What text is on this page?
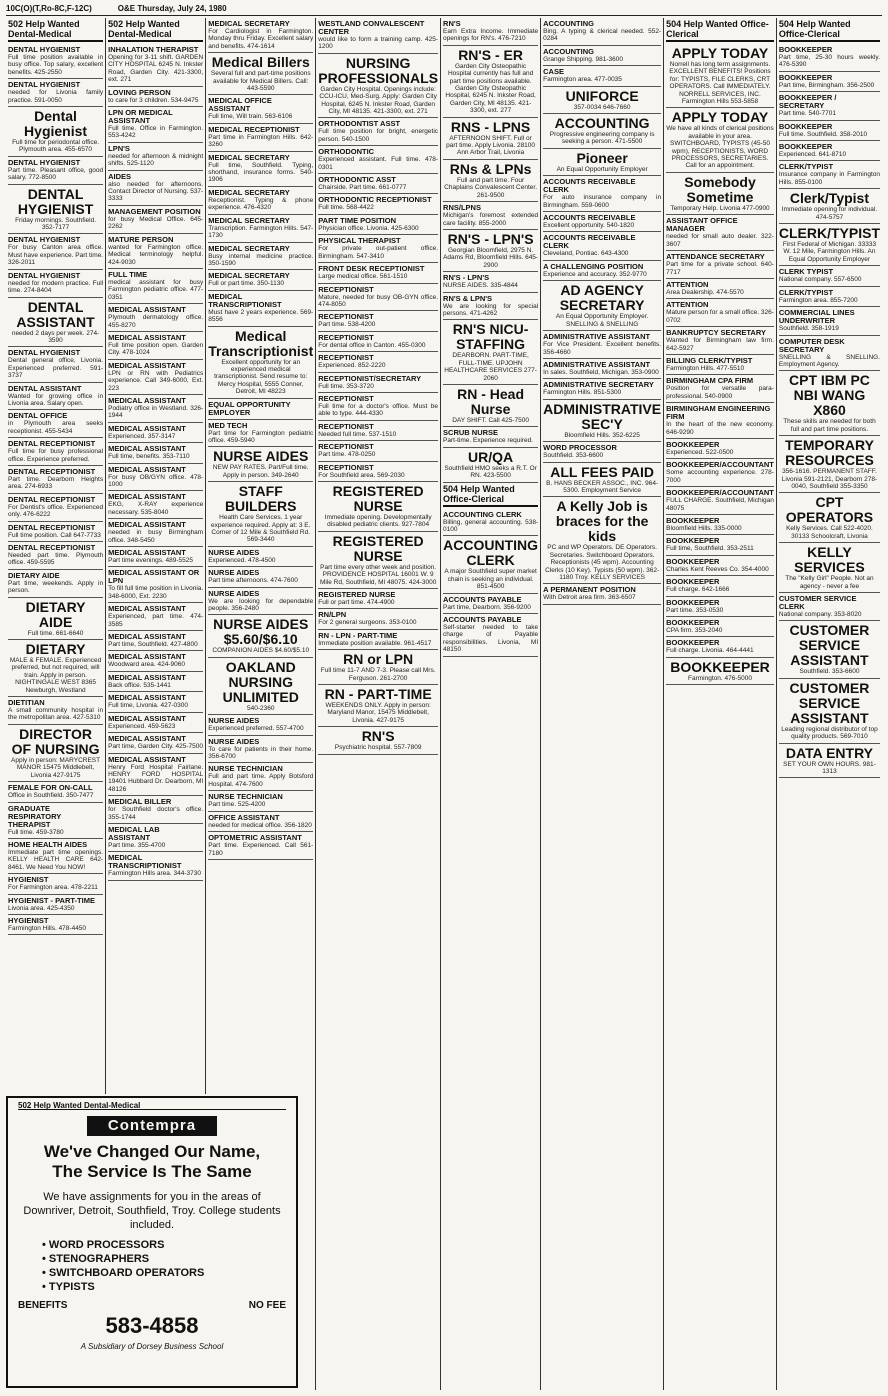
10C(O)(T,Ro-8C,F-12C)	O&E Thursday, July 24, 1980
502 Help Wanted Dental-Medical
DENTAL HYGIENIST
Full time position available in busy office. Top salary, excellent benefits. 425-2550
DENTAL HYGIENIST
needed for Livonia family practice. 591-0050
Dental Hygienist
Full time for periodontal office. Plymouth area. 455-6570
DENTAL HYGIENIST
Part time. Pleasant office, good salary. 772-8500
DENTAL HYGIENIST
Friday mornings. Southfield. 352-7177
DENTAL HYGIENIST
For busy Canton area office. Must have experience. Part time. 326-2011
DENTAL HYGIENIST
needed for modern practice. Full time. 274-8404
DENTAL ASSISTANT
needed 2 days per week. 274-3590
DENTAL HYGIENIST
Dental general office, Livonia. Experienced preferred. 591-3737
DENTAL ASSISTANT
Wanted for growing office in Livonia area. Salary open.
DENTAL OFFICE
in Plymouth area seeks receptionist. 455-5434
DENTAL RECEPTIONIST
Full time for busy professional office. Experience preferred.
DENTAL RECEPTIONIST
Part time. Dearborn Heights area. 274-6933
DENTAL RECEPTIONIST
For Dentist's office. Experienced only. 476-6222
DENTAL RECEPTIONIST
Full time position. Call 647-7733
DENTAL RECEPTIONIST
Needed part time. Plymouth office. 459-5595
DIETARY AIDE
Part time, weekends. Apply in person.
DIETARY AIDE
Full time. 661-6640
DIETARY
MALE & FEMALE. Experienced preferred, but not required, will train. Apply in person. NIGHTINGALE WEST 8365 Newburgh, Westland
DIETITIAN
A small community hospital in the metropolitan area. 427-5310
DIRECTOR OF NURSING
Apply in person: MARYCREST MANOR 15475 Middlebelt, Livonia 427-9175
FEMALE FOR ON-CALL
Office in Southfield. 350-7477
GRADUATE RESPIRATORY THERAPIST
Full time. 459-3780
HOME HEALTH AIDES
Immediate part time openings. KELLY HEALTH CARE 642-8461. We Need You NOW!
HYGIENIST
For Farmington area. 478-2211
HYGIENIST - PART-TIME
Livonia area. 425-4350
HYGIENIST
Farmington Hills. 478-4450
502 Help Wanted Dental-Medical
INHALATION THERAPIST
Opening for 3-11 shift. GARDEN CITY HOSPITAL 6245 N. Inkster Road, Garden City. 421-3300, ext. 271
LOVING PERSON
to care for 3 children. 534-9475
LPN OR MEDICAL ASSISTANT
Full time. Office in Farmington. 553-4242
LPN'S
needed for afternoon & midnight shifts. 525-1120
AIDES
also needed for afternoons. Contact Director of Nursing. 537-3333
MANAGEMENT POSITION
for busy Medical Office. 645-2262
MATURE PERSON
wanted for Farmington office. Medical terminology helpful. 424-9030
FULL TIME
medical assistant for busy Farmington pediatric office. 477-0351
MEDICAL ASSISTANT
Plymouth dermatology office. 455-8270
MEDICAL ASSISTANT
Full time position open. Garden City. 478-1024
MEDICAL ASSISTANT
LPN or RN with Pediatrics experience. Call 349-6000, Ext. 223
MEDICAL ASSISTANT
Podiatry office in Westland. 326-1944
MEDICAL ASSISTANT
Experienced. 357-3147
MEDICAL ASSISTANT
Full time, benefits. 353-7110
MEDICAL ASSISTANT
For busy OB/GYN office. 478-1000
MEDICAL ASSISTANT
EKG, X-RAY experience necessary. 535-8040
MEDICAL ASSISTANT
needed in busy Birmingham office. 348-5450
MEDICAL ASSISTANT
Part time evenings. 489-5525
MEDICAL ASSISTANT OR LPN
To fill full time position in Livonia. 348-6000, Ext. 2230
MEDICAL ASSISTANT
Experienced, part time. 474-3585
MEDICAL ASSISTANT
Part time, Southfield. 427-4800
MEDICAL ASSISTANT
Woodward area. 424-9060
MEDICAL ASSISTANT
Back office. 535-1441
MEDICAL ASSISTANT
Full time, Livonia. 427-0300
MEDICAL ASSISTANT
Experienced. 459-5623
MEDICAL ASSISTANT
Part time, Garden City. 425-7500
MEDICAL ASSISTANT
Henry Ford Hospital Fairlane. HENRY FORD HOSPITAL 19401 Hubbard Dr. Dearborn, MI 48126
MEDICAL BILLER
for Southfield doctor's office. 355-1744
MEDICAL LAB ASSISTANT
Part time. 355-4700
MEDICAL TRANSCRIPTIONIST
Farmington Hills area. 344-3730
MEDICAL SECRETARY
For Cardiologist in Farmington. Monday thru Friday. Excellent salary and benefits. 474-1614
Medical Billers
Several full and part-time positions available for Medical Billers. Call: 443-5590
MEDICAL OFFICE ASSISTANT
Full time, Will train. 563-6106
MEDICAL RECEPTIONIST
Part time in Farmington Hills. 642-3260
MEDICAL SECRETARY
Full time, Southfield. Typing, shorthand, insurance forms. 540-1906
MEDICAL SECRETARY
Receptionist. Typing & phone experience. 476-4320
MEDICAL SECRETARY
Transcription. Farmington Hills. 547-1730
MEDICAL SECRETARY
Busy internal medicine practice. 350-1590
MEDICAL SECRETARY
Full or part time. 350-1130
MEDICAL TRANSCRIPTIONIST
Must have 2 years experience. 569-8556
Medical Transcriptionist
Excellent opportunity for an experienced medical transcriptionist. Send resume to: Mercy Hospital, 5555 Conner, Detroit, MI 48223
EQUAL OPPORTUNITY EMPLOYER
MED TECH
Part time for Farmington pediatric office. 459-5940
NURSE AIDES
NEW PAY RATES. Part/Full time. Apply in person. 349-2640
STAFF BUILDERS
Health Care Services. 1 year experience required. Apply at: 3 E. Corner of 12 Mile & Southfield Rd. 569-3440
NURSE AIDES
Experienced. 478-4500
NURSE AIDES
Part time afternoons. 474-7600
NURSE AIDES
We are looking for dependable people. 356-2480
NURSE AIDES $5.60/$6.10
COMPANION AIDES $4.60/$5.10
OAKLAND NURSING UNLIMITED
540-2360
NURSE AIDES
Experienced preferred. 557-4700
NURSE AIDES
To care for patients in their home. 356-6700
NURSE TECHNICIAN
Full and part time. Apply Botsford Hospital. 474-7600
NURSE TECHNICIAN
Part time. 525-4200
OFFICE ASSISTANT
needed for medical office. 356-1820
OPTOMETRIC ASSISTANT
Part time. Experienced. Call 561-7180
WESTLAND CONVALESCENT CENTER
would like to form a training camp. 425-1200
NURSING PROFESSIONALS
Garden City Hospital. Openings include: CCU-ICU, Med-Surg. Apply: Garden City Hospital, 6245 N. Inkster Road, Garden City, MI 48135. 421-3300, ext. 271
ORTHODONTIST ASST
Full time position for bright, energetic person. 540-1500
ORTHODONTIC
Experienced assistant. Full time. 478-0301
ORTHODONTIC ASST
Chairside. Part time. 661-0777
ORTHODONTIC RECEPTIONIST
Full time. 568-4422
PART TIME POSITION
Physician office. Livonia. 425-6300
PHYSICAL THERAPIST
For private out-patient office. Birmingham. 547-3410
FRONT DESK RECEPTIONIST
Large medical office. 561-1510
RECEPTIONIST
Mature, needed for busy OB-GYN office. 474-8050
RECEPTIONIST
Part time. 538-4200
RECEPTIONIST
For dental office in Canton. 455-0300
RECEPTIONIST
Experienced. 852-2220
RECEPTIONIST/SECRETARY
Full time. 353-3720
RECEPTIONIST
Full time for a doctor's office. Must be able to type. 444-4330
RECEPTIONIST
Needed full time. 537-1510
RECEPTIONIST
Part time. 478-0250
RECEPTIONIST
For Southfield area. 569-2030
REGISTERED NURSE
Immediate opening. Developmentally disabled pediatric clients. 927-7804
REGISTERED NURSE
Part time every other week and position. PROVIDENCE HOSPITAL 16001 W. 9 Mile Rd, Southfield, MI 48075. 424-3000
REGISTERED NURSE
Full or part time. 474-4900
RN/LPN
For 2 general surgeons. 353-0100
RN - LPN - PART-TIME
Immediate position available. 961-4517
RN or LPN
Full time 11-7 AND 7-3. Please call Mrs. Ferguson. 261-2700
RN - PART-TIME
WEEKENDS ONLY. Apply in person: Maryland Manor, 15475 Middlebelt, Livonia. 427-9175
RN'S
Psychiatric hospital. 557-7809
RN'S
Earn Extra Income. Immediate openings for RN's. 476-7210
RN'S - ER
Garden City Osteopathic Hospital currently has full and part time positions available. Garden City Osteopathic Hospital, 6245 N. Inkster Road, Garden City, MI 48135. 421-3300, ext. 277
RNS - LPNS
AFTERNOON SHIFT. Full or part time. Apply Livonia. 28100 Ann Arbor Trail, Livonia
RNs & LPNs
Full and part time. Four Chaplains Convalescent Center. 261-9500
RNS/LPNS
Michigan's foremost extended care facility. 855-2000
RN'S - LPN'S
Georgian Bloomfield, 2975 N. Adams Rd, Bloomfield Hills. 645-2900
RN'S - LPN'S
NURSE AIDES. 335-4844
RN'S & LPN'S
We are looking for special persons. 471-4262
RN'S NICU-STAFFING
DEARBORN. PART-TIME, FULL-TIME. UPJOHN HEALTHCARE SERVICES 277-2060
RN - Head Nurse
DAY SHIFT. Call 425-7500
SCRUB NURSE
Part-time. Experience required.
UR/QA
Southfield HMO seeks a R.T. Or RN. 423-5500
504 Help Wanted Office-Clerical
ACCOUNTING CLERK
Billing, general accounting. 538-0100
ACCOUNTING CLERK
A major Southfield super market chain is seeking an individual. 851-4500
ACCOUNTS PAYABLE
Part time, Dearborn. 356-9200
ACCOUNTS PAYABLE
Self-starter needed to take charge of Payable responsibilities. Livonia, MI 48150
ACCOUNTING
Bing. A typing & clerical needed. 552-0284
ACCOUNTING
Grange Shipping. 981-3600
CASE
Farmington area. 477-0035
UNIFORCE
357-0034 646-7660
ACCOUNTING
Progressive engineering company is seeking a person. 471-5500
Pioneer
An Equal Opportunity Employer
ACCOUNTS RECEIVABLE CLERK
For auto insurance company in Birmingham. 559-0600
ACCOUNTS RECEIVABLE
Excellent opportunity. 540-1820
ACCOUNTS RECEIVABLE CLERK
Cleveland, Pontiac. 643-4300
A CHALLENGING POSITION
Experience and accuracy. 352-9770
AD AGENCY SECRETARY
An Equal Opportunity Employer. SNELLING & SNELLING
ADMINISTRATIVE ASSISTANT
For Vice President. Excellent benefits. 356-4660
ADMINISTRATIVE ASSISTANT
In sales. Southfield, Michigan. 353-0900
ADMINISTRATIVE SECRETARY
Farmington Hills. 851-5300
ADMINISTRATIVE SEC'Y
Bloomfield Hills. 352-6225
WORD PROCESSOR
Southfield. 353-6600
ALL FEES PAID
B. HANS BECKER ASSOC., INC. 964-5300. Employment Service
A Kelly Job is braces for the kids
PC and WP Operators. DE Operators. Secretaries. Switchboard Operators. Receptionists (45 wpm). Accounting Clerks (10 Key). Typists (50 wpm). 362-1180 Troy. KELLY SERVICES
A PERMANENT POSITION
With Detroit area firm. 363-6507
504 Help Wanted Office-Clerical
APPLY TODAY
Norrell has long term assignments. EXCELLENT BENEFITS! Positions for: TYPISTS, FILE CLERKS, CRT OPERATORS. Call IMMEDIATELY. NORRELL SERVICES, INC. Farmington Hills 553-5858
APPLY TODAY
We have all kinds of clerical positions available in your area. SWITCHBOARD, TYPISTS (45-50 wpm), RECEPTIONISTS, WORD PROCESSORS, SECRETARIES. Call for an appointment.
Somebody Sometime
Temporary Help. Livonia 477-0900
ASSISTANT OFFICE MANAGER
needed for small auto dealer. 322-3607
ATTENDANCE SECRETARY
Part time for a private school. 640-7717
ATTENTION
Area Dealership. 474-5570
ATTENTION
Mature person for a small office. 326-0702
BANKRUPTCY SECRETARY
Wanted for Birmingham law firm. 642-5927
BILLING CLERK/TYPIST
Farmington Hills. 477-5510
BIRMINGHAM CPA FIRM
Position for versatile para-professional. 540-0900
BIRMINGHAM ENGINEERING FIRM
In the heart of the new economy. 646-9290
BOOKKEEPER
Experienced. 522-0500
BOOKKEEPER/ACCOUNTANT
Some accounting experience. 278-7000
BOOKKEEPER/ACCOUNTANT
FULL CHARGE. Southfield, Michigan 48075
BOOKKEEPER
Bloomfield Hills. 335-0000
BOOKKEEPER
Full time, Southfield. 353-2511
BOOKKEEPER
Charles Kent Reeves Co. 354-4000
BOOKKEEPER
Full charge. 642-1666
BOOKKEEPER
Part time. 353-0530
BOOKKEEPER
CPA firm. 353-2040
BOOKKEEPER
Full charge. Livonia. 464-4441
BOOKKEEPER
Farmington. 476-5000
504 Help Wanted Office-Clerical
BOOKKEEPER
Part time, 25-30 hours weekly. 476-5390
BOOKKEEPER
Part time, Birmingham. 356-2500
BOOKKEEPER / SECRETARY
Part time. 540-7701
BOOKKEEPER
Full time. Southfield. 358-2010
BOOKKEEPER
Experienced. 641-8710
CLERK/TYPIST
Insurance company in Farmington Hills. 855-0100
Clerk/Typist
Immediate opening for individual. 474-5757
CLERK/TYPIST
First Federal of Michigan. 33333 W. 12 Mile, Farmington Hills. An Equal Opportunity Employer
CLERK TYPIST
National company. 557-6500
CLERK/TYPIST
Farmington area. 855-7200
COMMERCIAL LINES UNDERWRITER
Southfield. 358-1919
COMPUTER DESK SECRETARY
SNELLING & SNELLING. Employment Agency.
CPT IBM PC NBI WANG X860
These skills are needed for both full and part time positions.
TEMPORARY RESOURCES
356-1616. PERMANENT STAFF. Livonia 591-2121, Dearborn 278-0040, Southfield 355-3350
CPT OPERATORS
Kelly Services. Call 522-4020. 30133 Schoolcraft, Livonia
KELLY SERVICES
The "Kelly Girl" People. Not an agency - never a fee
CUSTOMER SERVICE CLERK
National company. 353-8020
CUSTOMER SERVICE ASSISTANT
Southfield. 353-6600
CUSTOMER SERVICE ASSISTANT
Leading regional distributor of top quality products. 569-7010
DATA ENTRY
SET YOUR OWN HOURS. 981-1313
502 Help Wanted Dental-Medical
Contempra
We've Changed Our Name,
The Service Is The Same
We have assignments for you in the areas of Downriver, Detroit, Southfield, Troy. College students included.
• WORD PROCESSORS
• STENOGRAPHERS
• SWITCHBOARD OPERATORS
• TYPISTS
BENEFITS	NO FEE
583-4858
A Subsidiary of Dorsey Business School
